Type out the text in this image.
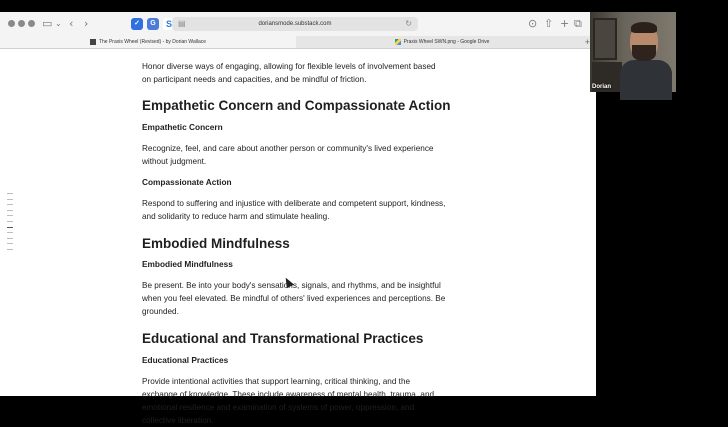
▭ ⌄ ‹ ›	✓	G	S ▤	doriansmode.substack.com	↻	⊙ ⇧ + ⧉
The Praxis Wheel (Revised) - by Dorian Wallace	Praxis Wheel SWN.png - Google Drive	+

Honor diverse ways of engaging, allowing for flexible levels of involvement based on participant needs and capacities, and be mindful of friction.

Empathetic Concern and Compassionate Action
Empathetic Concern

Recognize, feel, and care about another person or community's lived experience without judgment.

Compassionate Action

Respond to suffering and injustice with deliberate and competent support, kindness, and solidarity to reduce harm and stimulate healing.

Embodied Mindfulness
Embodied Mindfulness

Be present. Be into your body's sensations, signals, and rhythms, and be insightful when you feel elevated. Be mindful of others' lived experiences and perceptions. Be grounded.

Educational and Transformational Practices
Educational Practices

Provide intentional activities that support learning, critical thinking, and the exchange of knowledge. These include awareness of mental health, trauma, and emotional resilience and examination of systems of power, oppression, and collective liberation.

Dorian
